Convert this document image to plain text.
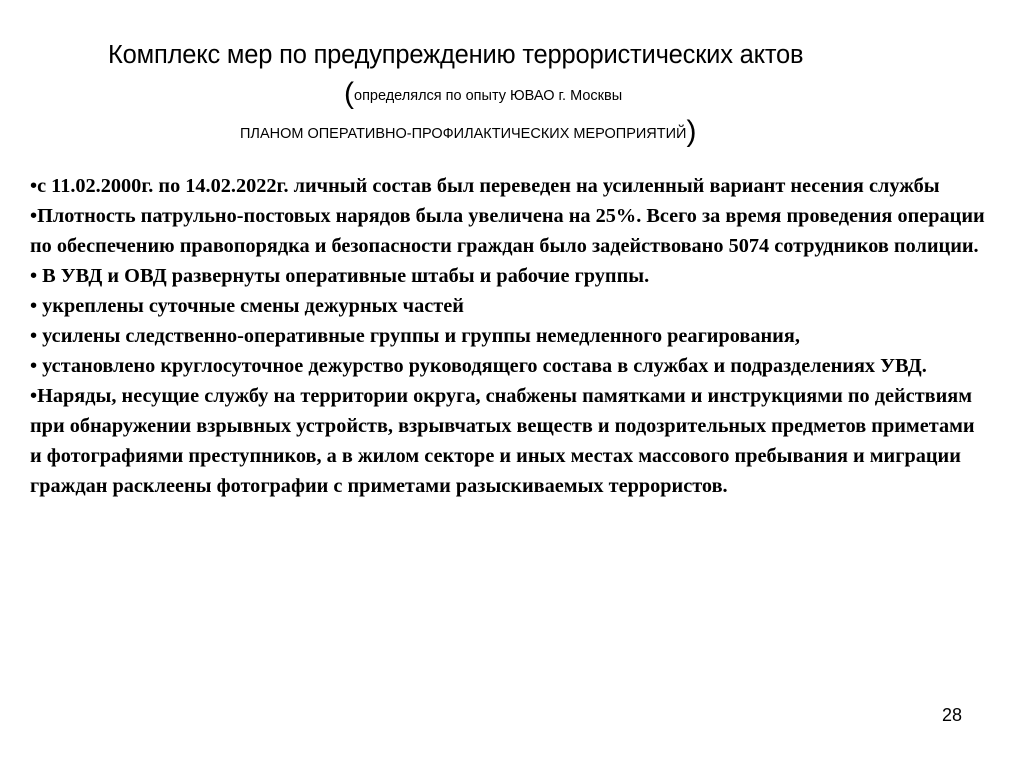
Комплекс мер по предупреждению террористических актов
(определялся по опыту ЮВАО г. Москвы
ПЛАНОМ ОПЕРАТИВНО-ПРОФИЛАКТИЧЕСКИХ МЕРОПРИЯТИЙ)

•с 11.02.2000г. по 14.02.2022г. личный состав был переведен на усиленный вариант несения службы

•Плотность патрульно-постовых нарядов была увеличена на 25%. Всего за время проведения операции по обеспечению правопорядка и безопасности граждан было задействовано 5074 сотрудников полиции.

• В УВД и ОВД развернуты оперативные штабы и рабочие группы.

• укреплены суточные смены дежурных частей

• усилены следственно-оперативные группы и группы немедленного реагирования,

• установлено круглосуточное дежурство руководящего состава в службах и подразделениях УВД.

•Наряды, несущие службу на территории округа, снабжены памятками и инструкциями по действиям при обнаружении взрывных устройств, взрывчатых веществ и подозрительных предметов приметами и фотографиями преступников, а в жилом секторе и иных местах массового пребывания и миграции граждан расклеены фотографии с приметами разыскиваемых террористов.

28
